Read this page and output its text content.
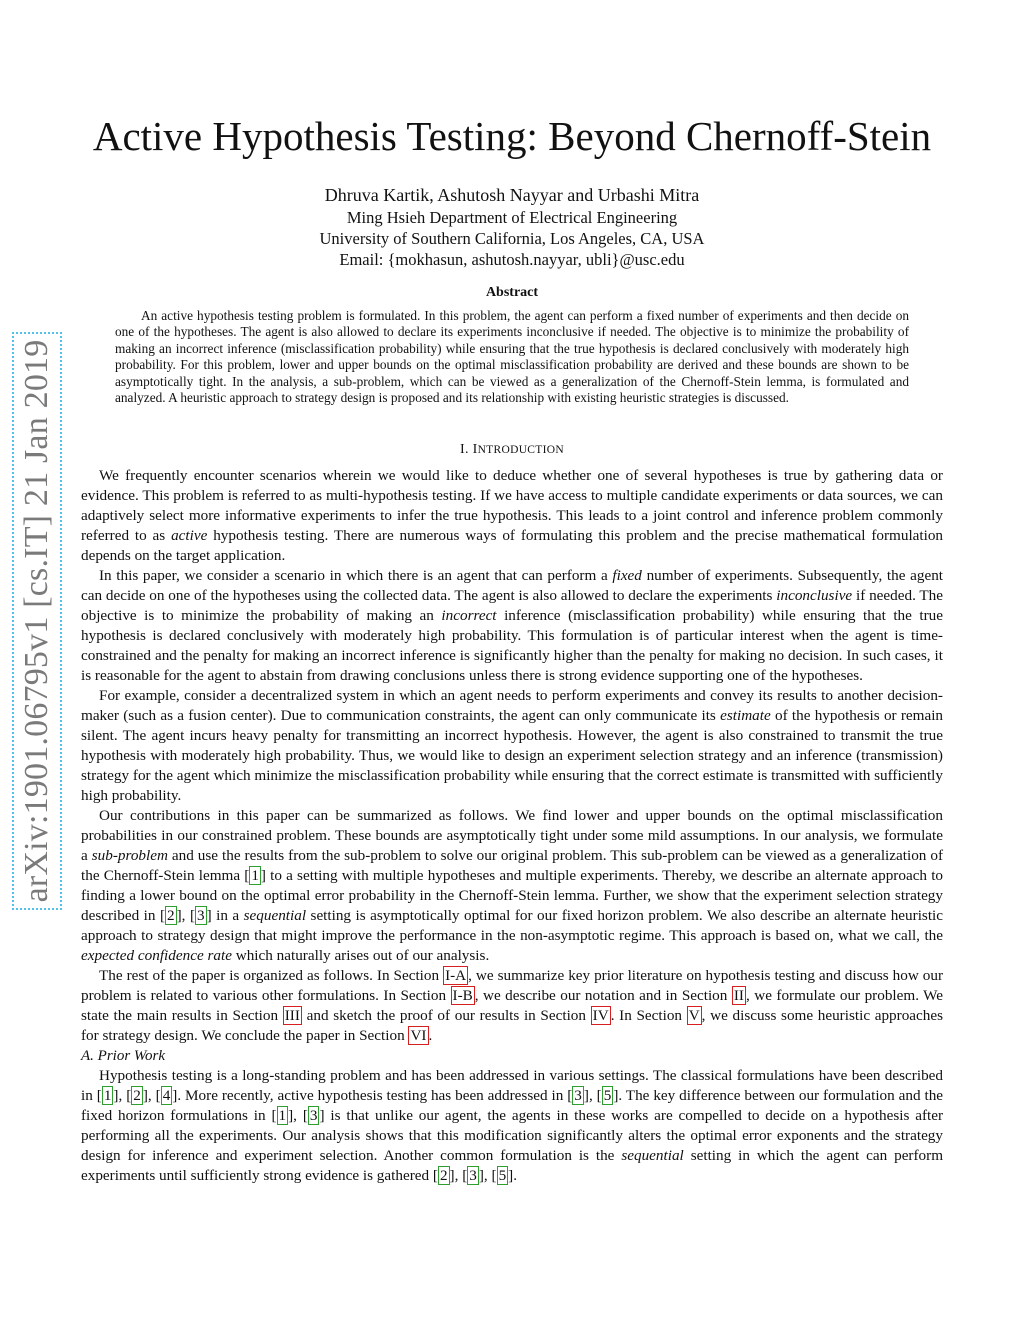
arXiv:1901.06795v1 [cs.IT] 21 Jan 2019
Active Hypothesis Testing: Beyond Chernoff-Stein
Dhruva Kartik, Ashutosh Nayyar and Urbashi Mitra
Ming Hsieh Department of Electrical Engineering
University of Southern California, Los Angeles, CA, USA
Email: {mokhasun, ashutosh.nayyar, ubli}@usc.edu
Abstract

An active hypothesis testing problem is formulated. In this problem, the agent can perform a fixed number of experiments and then decide on one of the hypotheses. The agent is also allowed to declare its experiments inconclusive if needed. The objective is to minimize the probability of making an incorrect inference (misclassification probability) while ensuring that the true hypothesis is declared conclusively with moderately high probability. For this problem, lower and upper bounds on the optimal misclassification probability are derived and these bounds are shown to be asymptotically tight. In the analysis, a sub-problem, which can be viewed as a generalization of the Chernoff-Stein lemma, is formulated and analyzed. A heuristic approach to strategy design is proposed and its relationship with existing heuristic strategies is discussed.

I. INTRODUCTION

We frequently encounter scenarios wherein we would like to deduce whether one of several hypotheses is true by gathering data or evidence. This problem is referred to as multi-hypothesis testing. If we have access to multiple candidate experiments or data sources, we can adaptively select more informative experiments to infer the true hypothesis. This leads to a joint control and inference problem commonly referred to as active hypothesis testing. There are numerous ways of formulating this problem and the precise mathematical formulation depends on the target application.

In this paper, we consider a scenario in which there is an agent that can perform a fixed number of experiments. Subsequently, the agent can decide on one of the hypotheses using the collected data. The agent is also allowed to declare the experiments inconclusive if needed. The objective is to minimize the probability of making an incorrect inference (misclassification probability) while ensuring that the true hypothesis is declared conclusively with moderately high probability. This formulation is of particular interest when the agent is time-constrained and the penalty for making an incorrect inference is significantly higher than the penalty for making no decision. In such cases, it is reasonable for the agent to abstain from drawing conclusions unless there is strong evidence supporting one of the hypotheses.

For example, consider a decentralized system in which an agent needs to perform experiments and convey its results to another decision-maker (such as a fusion center). Due to communication constraints, the agent can only communicate its estimate of the hypothesis or remain silent. The agent incurs heavy penalty for transmitting an incorrect hypothesis. However, the agent is also constrained to transmit the true hypothesis with moderately high probability. Thus, we would like to design an experiment selection strategy and an inference (transmission) strategy for the agent which minimize the misclassification probability while ensuring that the correct estimate is transmitted with sufficiently high probability.

Our contributions in this paper can be summarized as follows. We find lower and upper bounds on the optimal misclassification probabilities in our constrained problem. These bounds are asymptotically tight under some mild assumptions. In our analysis, we formulate a sub-problem and use the results from the sub-problem to solve our original problem. This sub-problem can be viewed as a generalization of the Chernoff-Stein lemma [ 1 ] to a setting with multiple hypotheses and multiple experiments. Thereby, we describe an alternate approach to finding a lower bound on the optimal error probability in the Chernoff-Stein lemma. Further, we show that the experiment selection strategy described in [ 2 ], [ 3 ] in a sequential setting is asymptotically optimal for our fixed horizon problem. We also describe an alternate heuristic approach to strategy design that might improve the performance in the non-asymptotic regime. This approach is based on, what we call, the expected confidence rate which naturally arises out of our analysis.

The rest of the paper is organized as follows. In Section I-A , we summarize key prior literature on hypothesis testing and discuss how our problem is related to various other formulations. In Section I-B , we describe our notation and in Section II , we formulate our problem. We state the main results in Section III and sketch the proof of our results in Section IV . In Section V , we discuss some heuristic approaches for strategy design. We conclude the paper in Section VI .

A. Prior Work

Hypothesis testing is a long-standing problem and has been addressed in various settings. The classical formulations have been described in [ 1 ], [ 2 ], [ 4 ]. More recently, active hypothesis testing has been addressed in [ 3 ], [ 5 ]. The key difference between our formulation and the fixed horizon formulations in [ 1 ], [ 3 ] is that unlike our agent, the agents in these works are compelled to decide on a hypothesis after performing all the experiments. Our analysis shows that this modification significantly alters the optimal error exponents and the strategy design for inference and experiment selection. Another common formulation is the sequential setting in which the agent can perform experiments until sufficiently strong evidence is gathered [ 2 ], [ 3 ], [ 5 ].
